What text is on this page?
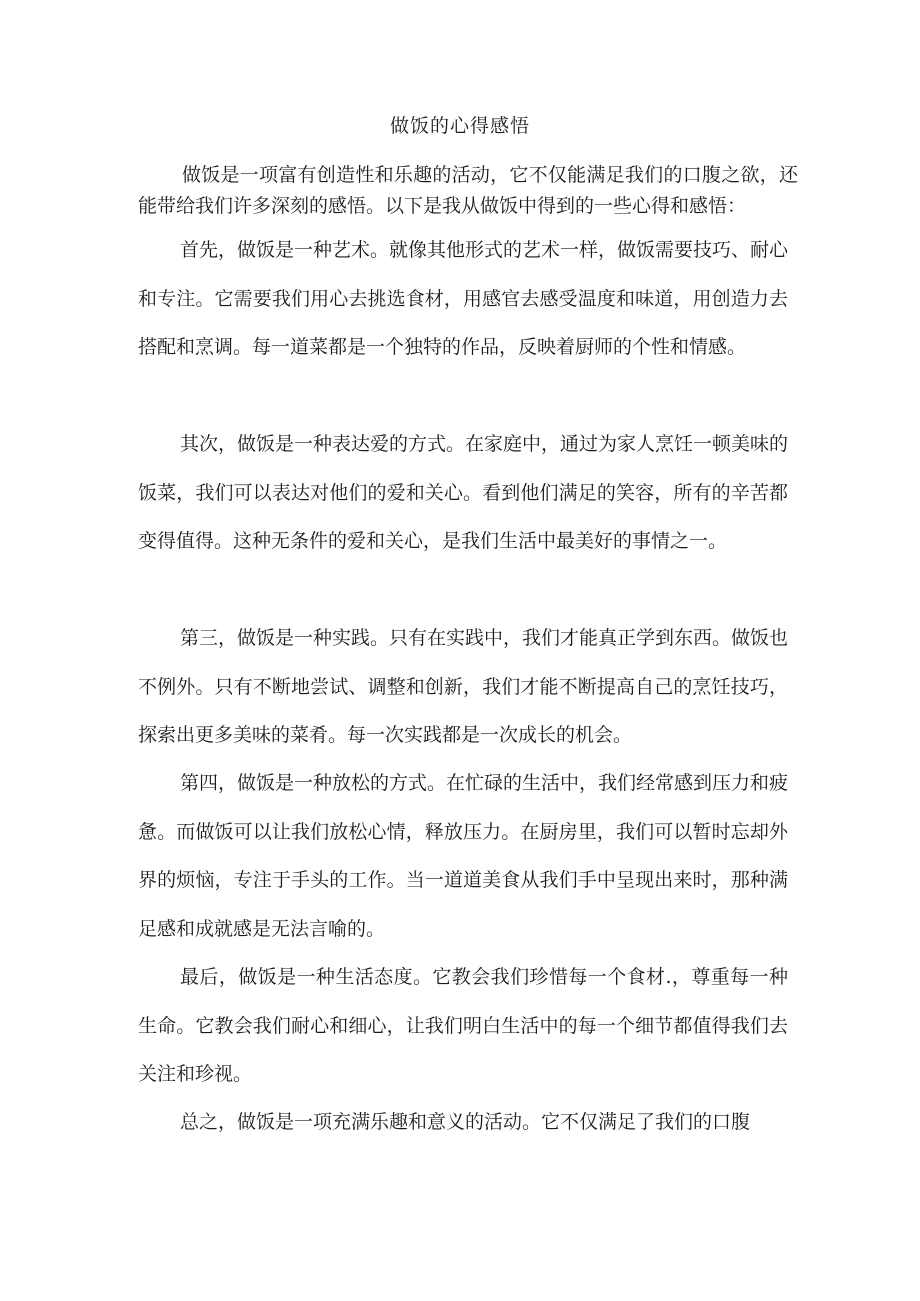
做饭的心得感悟

做饭是一项富有创造性和乐趣的活动，它不仅能满足我们的口腹之欲，还能带给我们许多深刻的感悟。以下是我从做饭中得到的一些心得和感悟：

首先，做饭是一种艺术。就像其他形式的艺术一样，做饭需要技巧、耐心和专注。它需要我们用心去挑选食材，用感官去感受温度和味道，用创造力去搭配和烹调。每一道菜都是一个独特的作品，反映着厨师的个性和情感。

其次，做饭是一种表达爱的方式。在家庭中，通过为家人烹饪一顿美味的饭菜，我们可以表达对他们的爱和关心。看到他们满足的笑容，所有的辛苦都变得值得。这种无条件的爱和关心，是我们生活中最美好的事情之一。

第三，做饭是一种实践。只有在实践中，我们才能真正学到东西。做饭也不例外。只有不断地尝试、调整和创新，我们才能不断提高自己的烹饪技巧，探索出更多美味的菜肴。每一次实践都是一次成长的机会。

第四，做饭是一种放松的方式。在忙碌的生活中，我们经常感到压力和疲惫。而做饭可以让我们放松心情，释放压力。在厨房里，我们可以暂时忘却外界的烦恼，专注于手头的工作。当一道道美食从我们手中呈现出来时，那种满足感和成就感是无法言喻的。

最后，做饭是一种生活态度。它教会我们珍惜每一个食材.，尊重每一种生命。它教会我们耐心和细心，让我们明白生活中的每一个细节都值得我们去关注和珍视。

总之，做饭是一项充满乐趣和意义的活动。它不仅满足了我们的口腹
